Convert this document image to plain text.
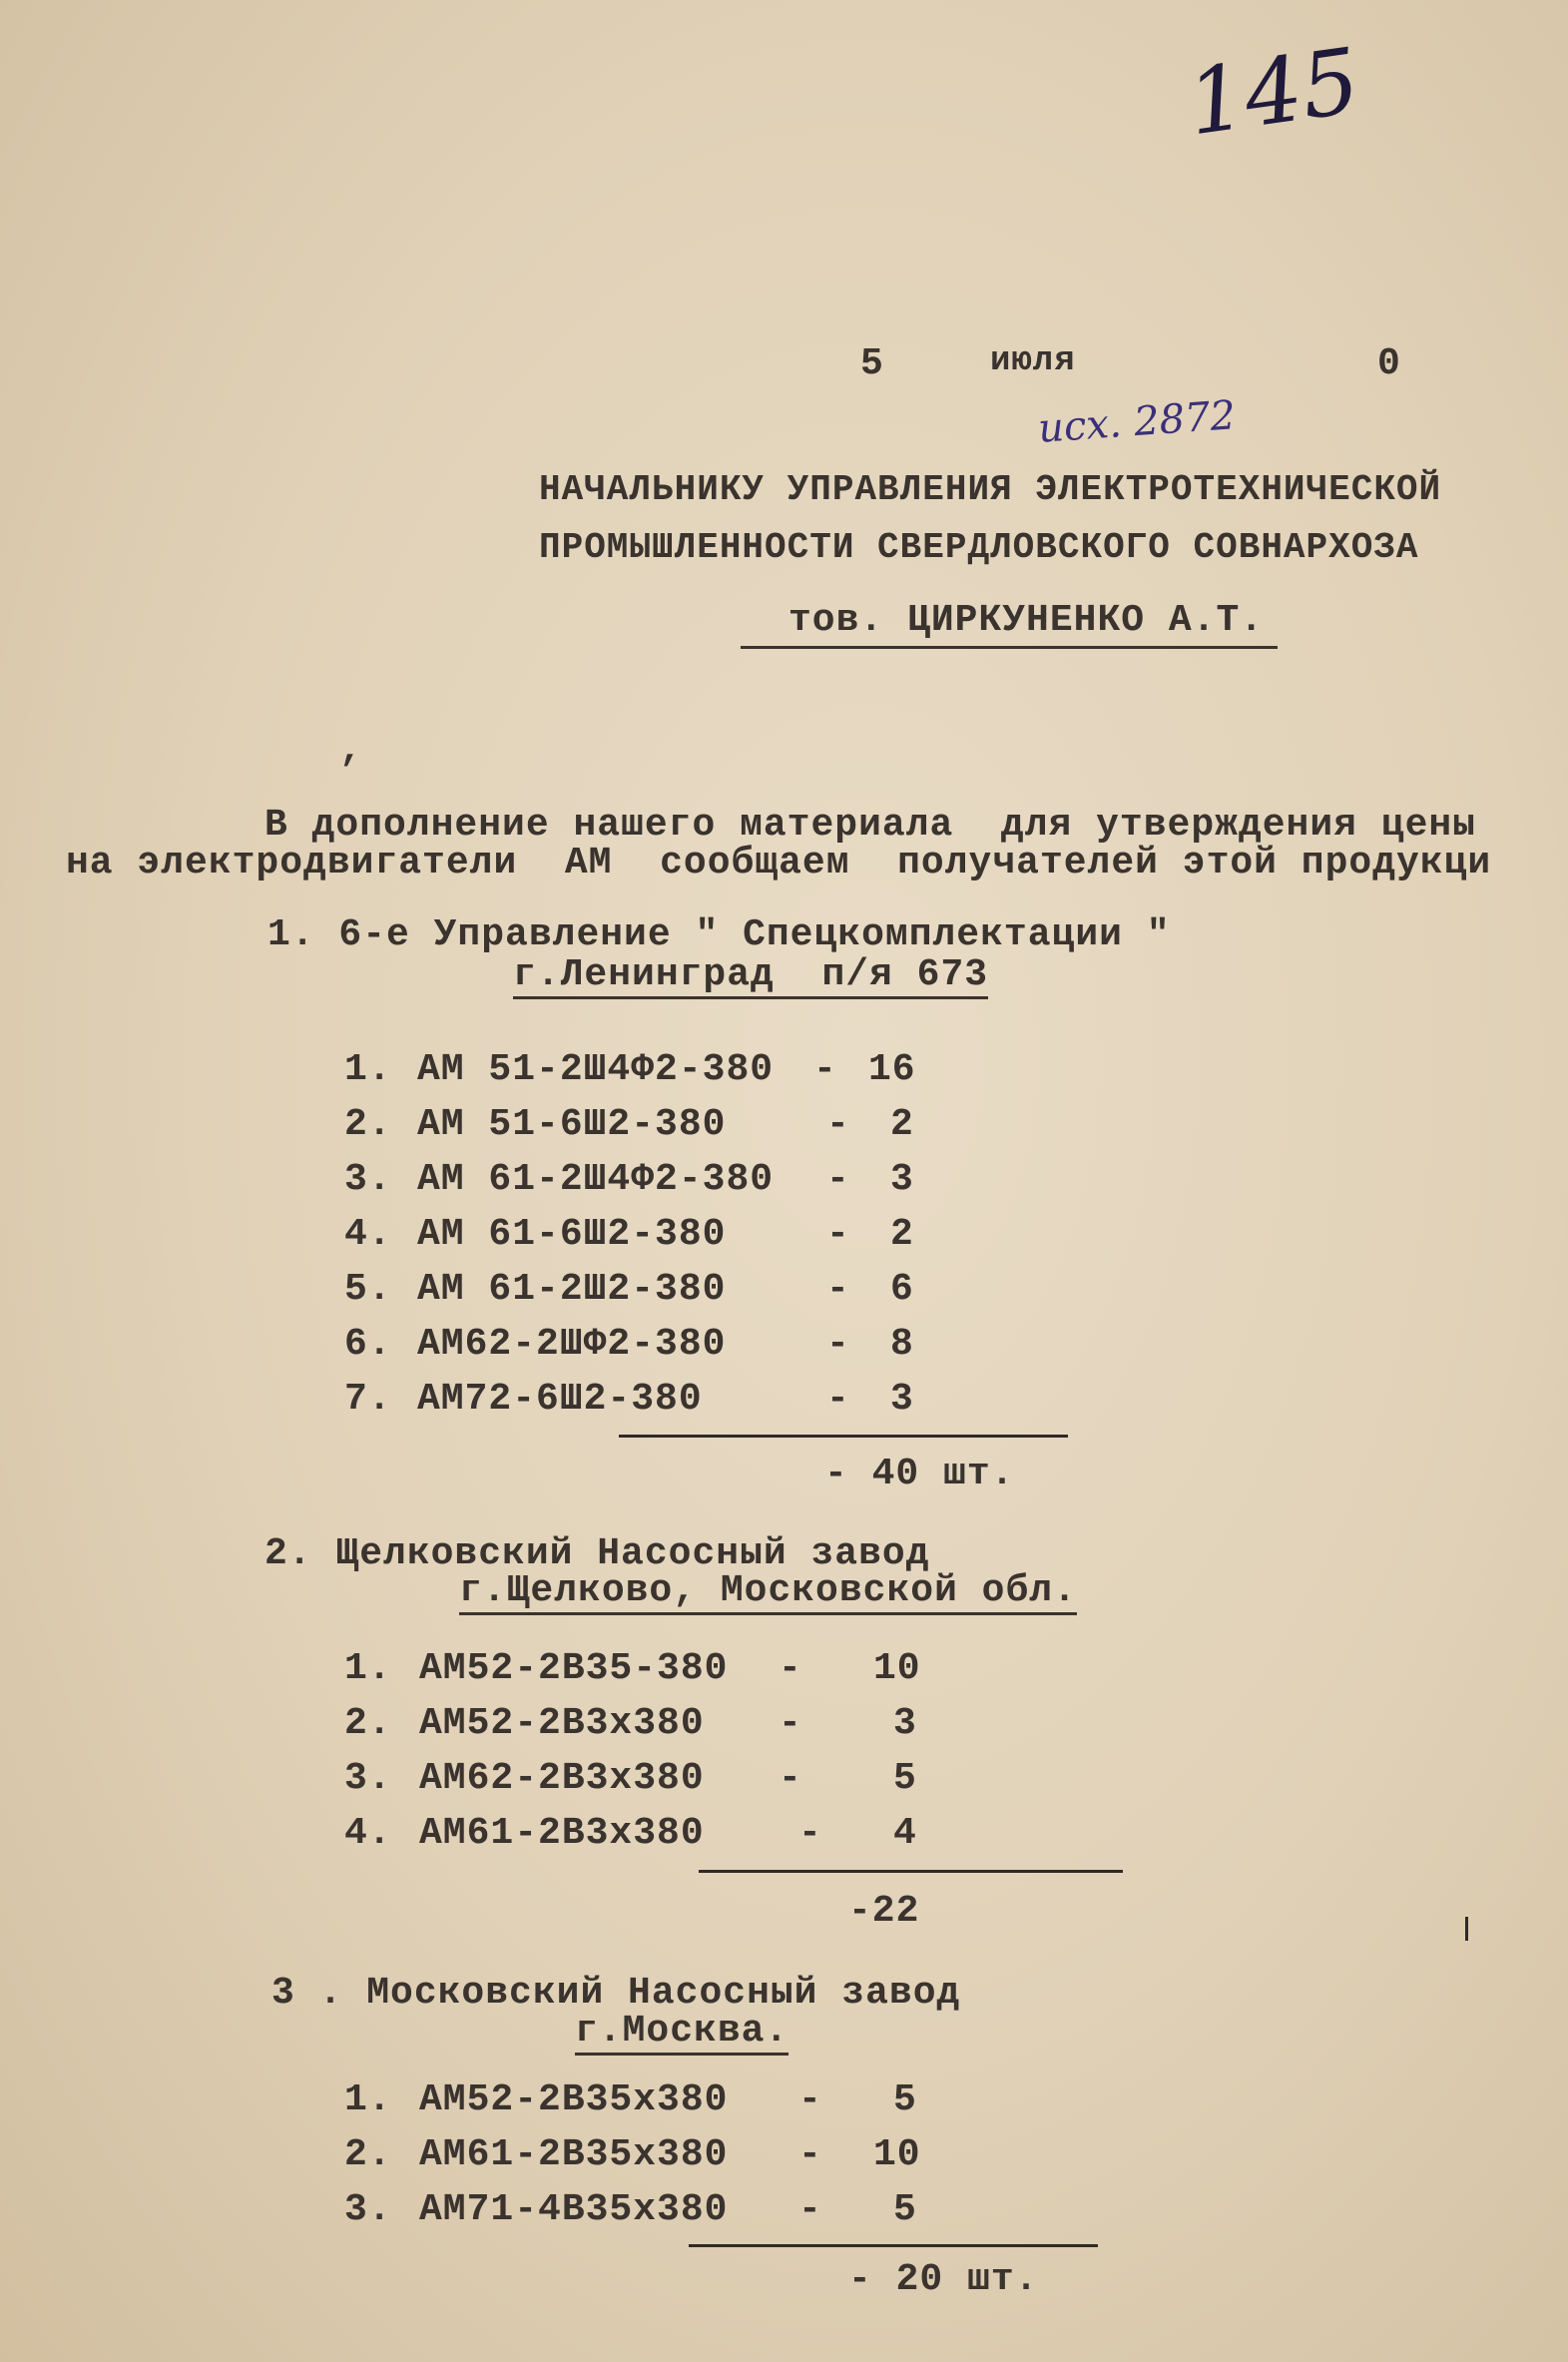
145
5	июля	0
исх. 2872
НАЧАЛЬНИКУ УПРАВЛЕНИЯ ЭЛЕКТРОТЕХНИЧЕСКОЙ
ПРОМЫШЛЕННОСТИ СВЕРДЛОВСКОГО СОВНАРХОЗА
тов. ЦИРКУНЕНКО А.Т.
,
В дополнение нашего материала  для утверждения цены
на электродвигатели  АМ  сообщаем  получателей этой продукци
1. 6-е Управление " Спецкомплектации "
г.Ленинград  п/я 673
1. АМ 51-2Ш4Ф2-380 - 16
2. АМ 51-6Ш2-380	- 2
3. АМ 61-2Ш4Ф2-380 - 3
4. АМ 61-6Ш2-380	- 2
5. АМ 61-2Ш2-380	- 6
6. АМ62-2ШФ2-380	- 8
7. АМ72-6Ш2-380	- 3
- 40 шт.
2. Щелковский Насосный завод
г.Щелково, Московской обл.
1. АМ52-2В35-380 - 10
2. АМ52-2В3х380 - 3
3. АМ62-2В3х380 - 5
4. АМ61-2В3х380 - 4
-22
3 . Московский Насосный завод
г.Москва.
1. АМ52-2В35х380 - 5
2. АМ61-2В35х380 - 10
3. АМ71-4В35х380 - 5
- 20 шт.
